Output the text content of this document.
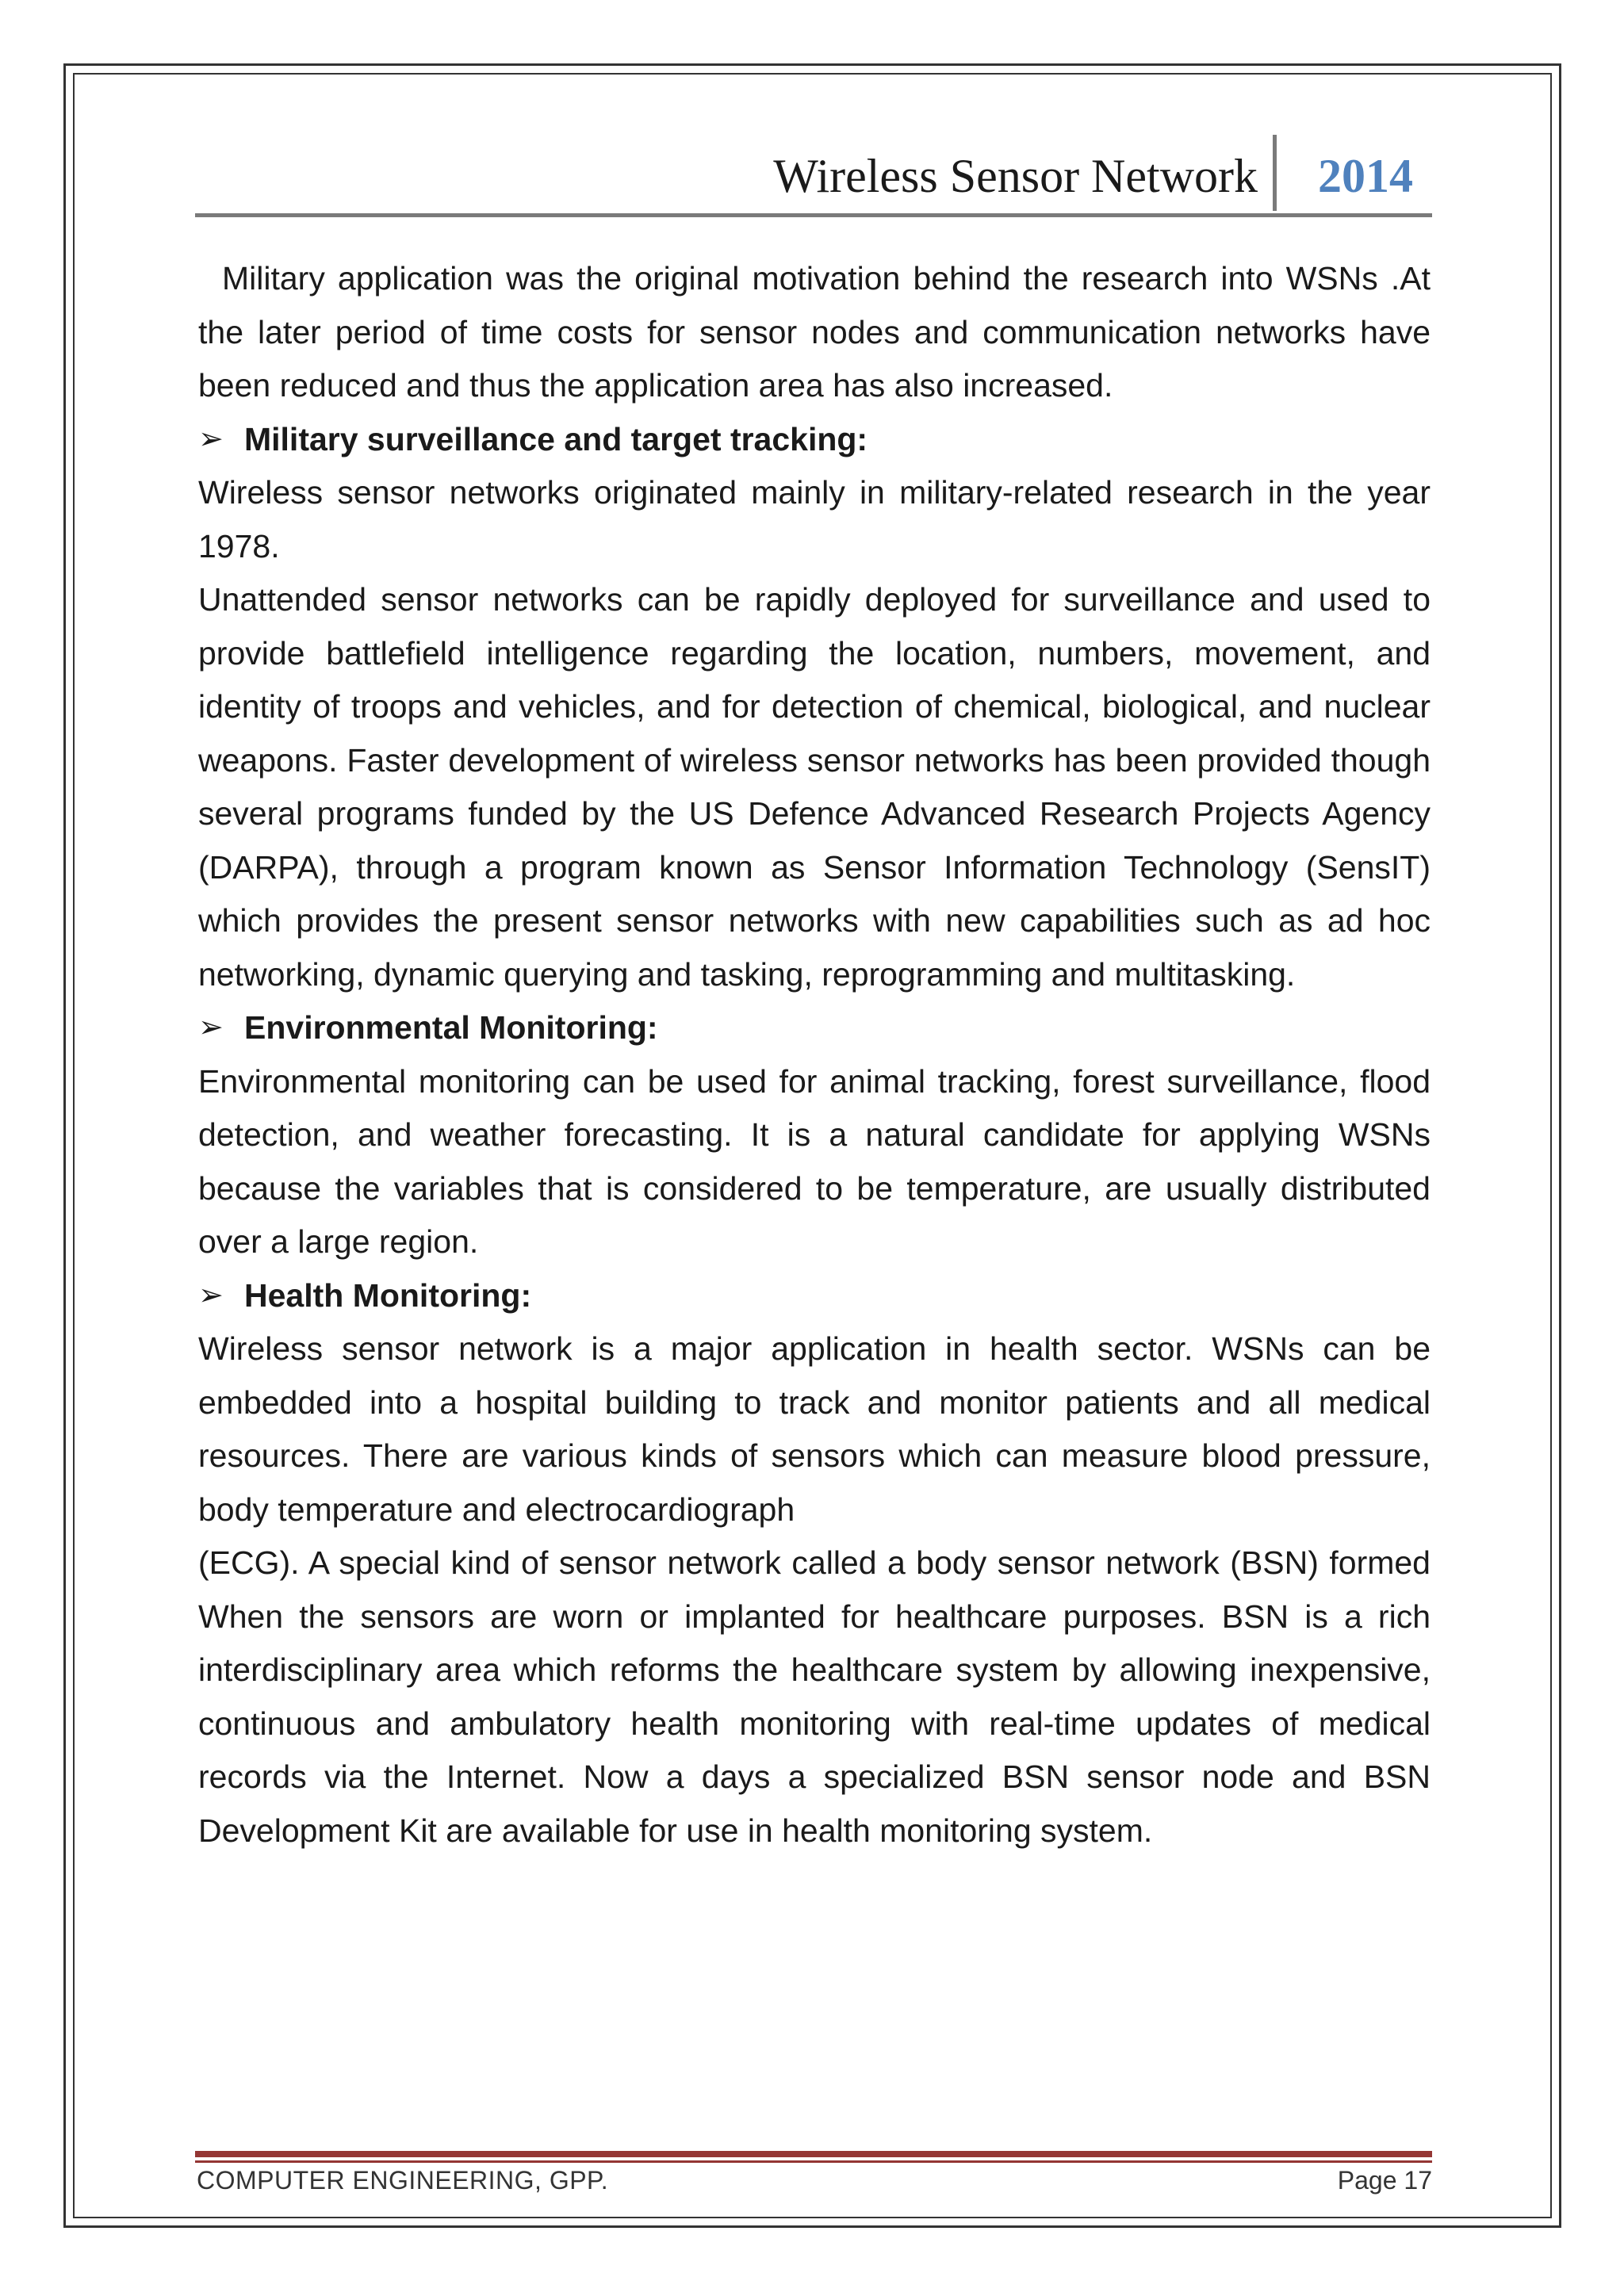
Wireless Sensor Network 2014

Military application was the original motivation behind the research into WSNs .At the later period of time costs for sensor nodes and communication networks have been reduced and thus the application area has also increased.

➢ Military surveillance and target tracking:

Wireless sensor networks originated mainly in military-related research in the year 1978.

Unattended sensor networks can be rapidly deployed for surveillance and used to provide battlefield intelligence regarding the location, numbers, movement, and identity of troops and vehicles, and for detection of chemical, biological, and nuclear weapons. Faster development of wireless sensor networks has been provided though several programs funded by the US Defence Advanced Research Projects Agency (DARPA), through a program known as Sensor Information Technology (SensIT) which provides the present sensor networks with new capabilities such as ad hoc networking, dynamic querying and tasking, reprogramming and multitasking.

➢ Environmental Monitoring:

Environmental monitoring can be used for animal tracking, forest surveillance, flood detection, and weather forecasting. It is a natural candidate for applying WSNs because the variables that is considered to be temperature, are usually distributed over a large region.

➢ Health Monitoring:

Wireless sensor network is a major application in health sector. WSNs can be embedded into a hospital building to track and monitor patients and all medical resources. There are various kinds of sensors which can measure blood pressure, body temperature and electrocardiograph

(ECG). A special kind of sensor network called a body sensor network (BSN) formed When the sensors are worn or implanted for healthcare purposes. BSN is a rich interdisciplinary area which reforms the healthcare system by allowing inexpensive, continuous and ambulatory health monitoring with real-time updates of medical records via the Internet. Now a days a specialized BSN sensor node and BSN Development Kit are available for use in health monitoring system.

COMPUTER ENGINEERING, GPP.	Page 17
